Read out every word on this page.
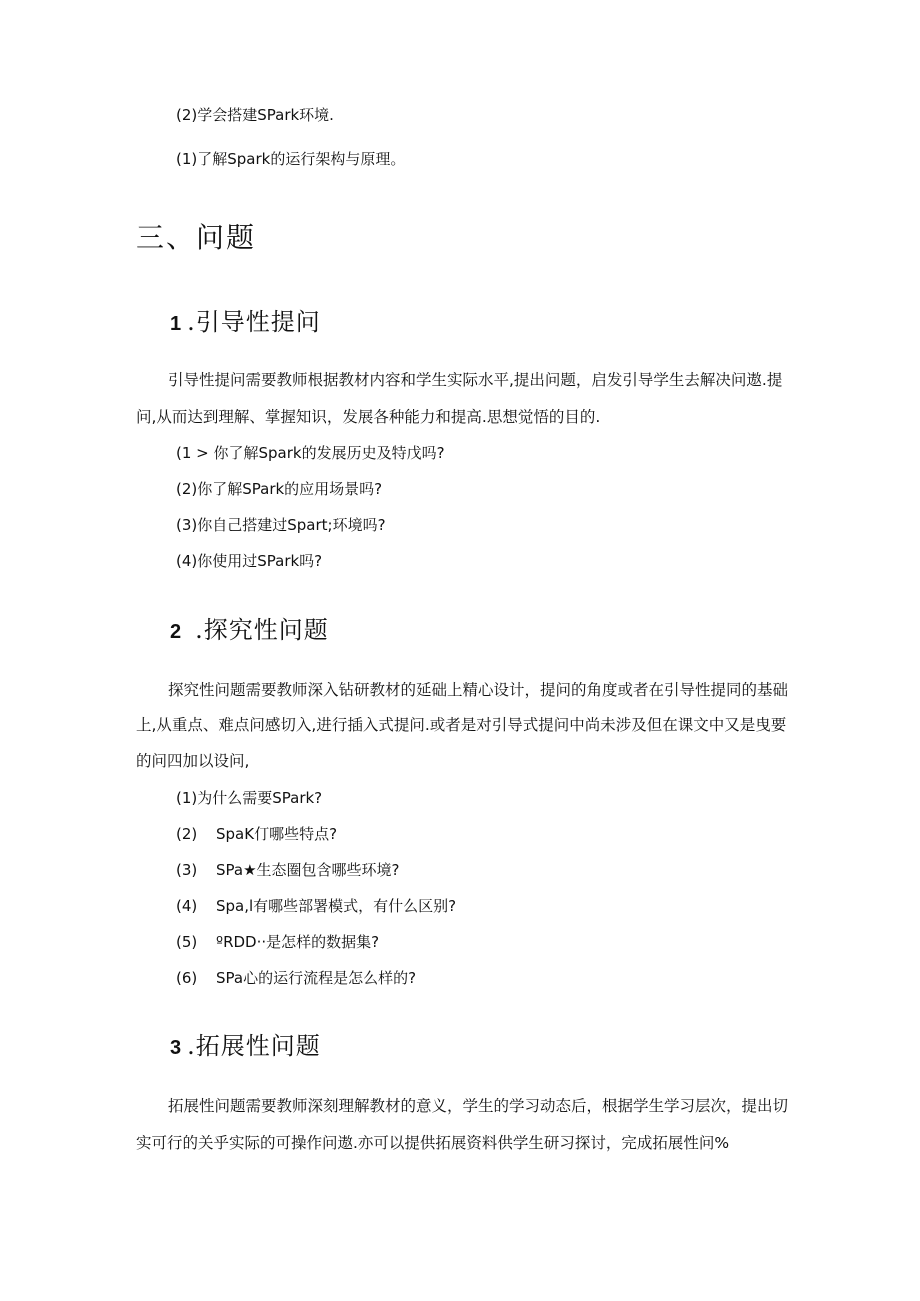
(2)学会搭建SPark环境.
(1)了解Spark的运行架构与原理。
三、问题
1 .引导性提问
引导性提问需要教师根据教材内容和学生实际水平,提出问题，启发引导学生去解决问遨.提
问,从而达到理解、掌握知识，发展各种能力和提高.思想觉悟的目的.
(1 > 你了解Spark的发展历史及特戊吗?
(2)你了解SPark的应用场景吗?
(3)你自己搭建过Spart;环境吗?
(4)你使用过SPark吗?
2 .探究性问题
探究性问题需要教师深入钻研教材的延础上精心设计，提问的角度或者在引导性提同的基础
上,从重点、难点问感切入,进行插入式提问.或者是对引导式提问中尚未涉及但在课文中又是曳要
的问四加以设问,
(1)为什么需要SPark?
(2) SpaK仃哪些特点?
(3) SPa★生态圈包含哪些环境?
(4) Spa,l有哪些部署模式，有什么区别?
(5) ºRDD··是怎样的数据集?
(6) SPa心的运行流程是怎么样的?
3 .拓展性问题
拓展性问题需要教师深刻理解教材的意义，学生的学习动态后，根据学生学习层次，提出切
实可行的关乎实际的可操作问遨.亦可以提供拓展资料供学生研习探讨，完成拓展性问%
